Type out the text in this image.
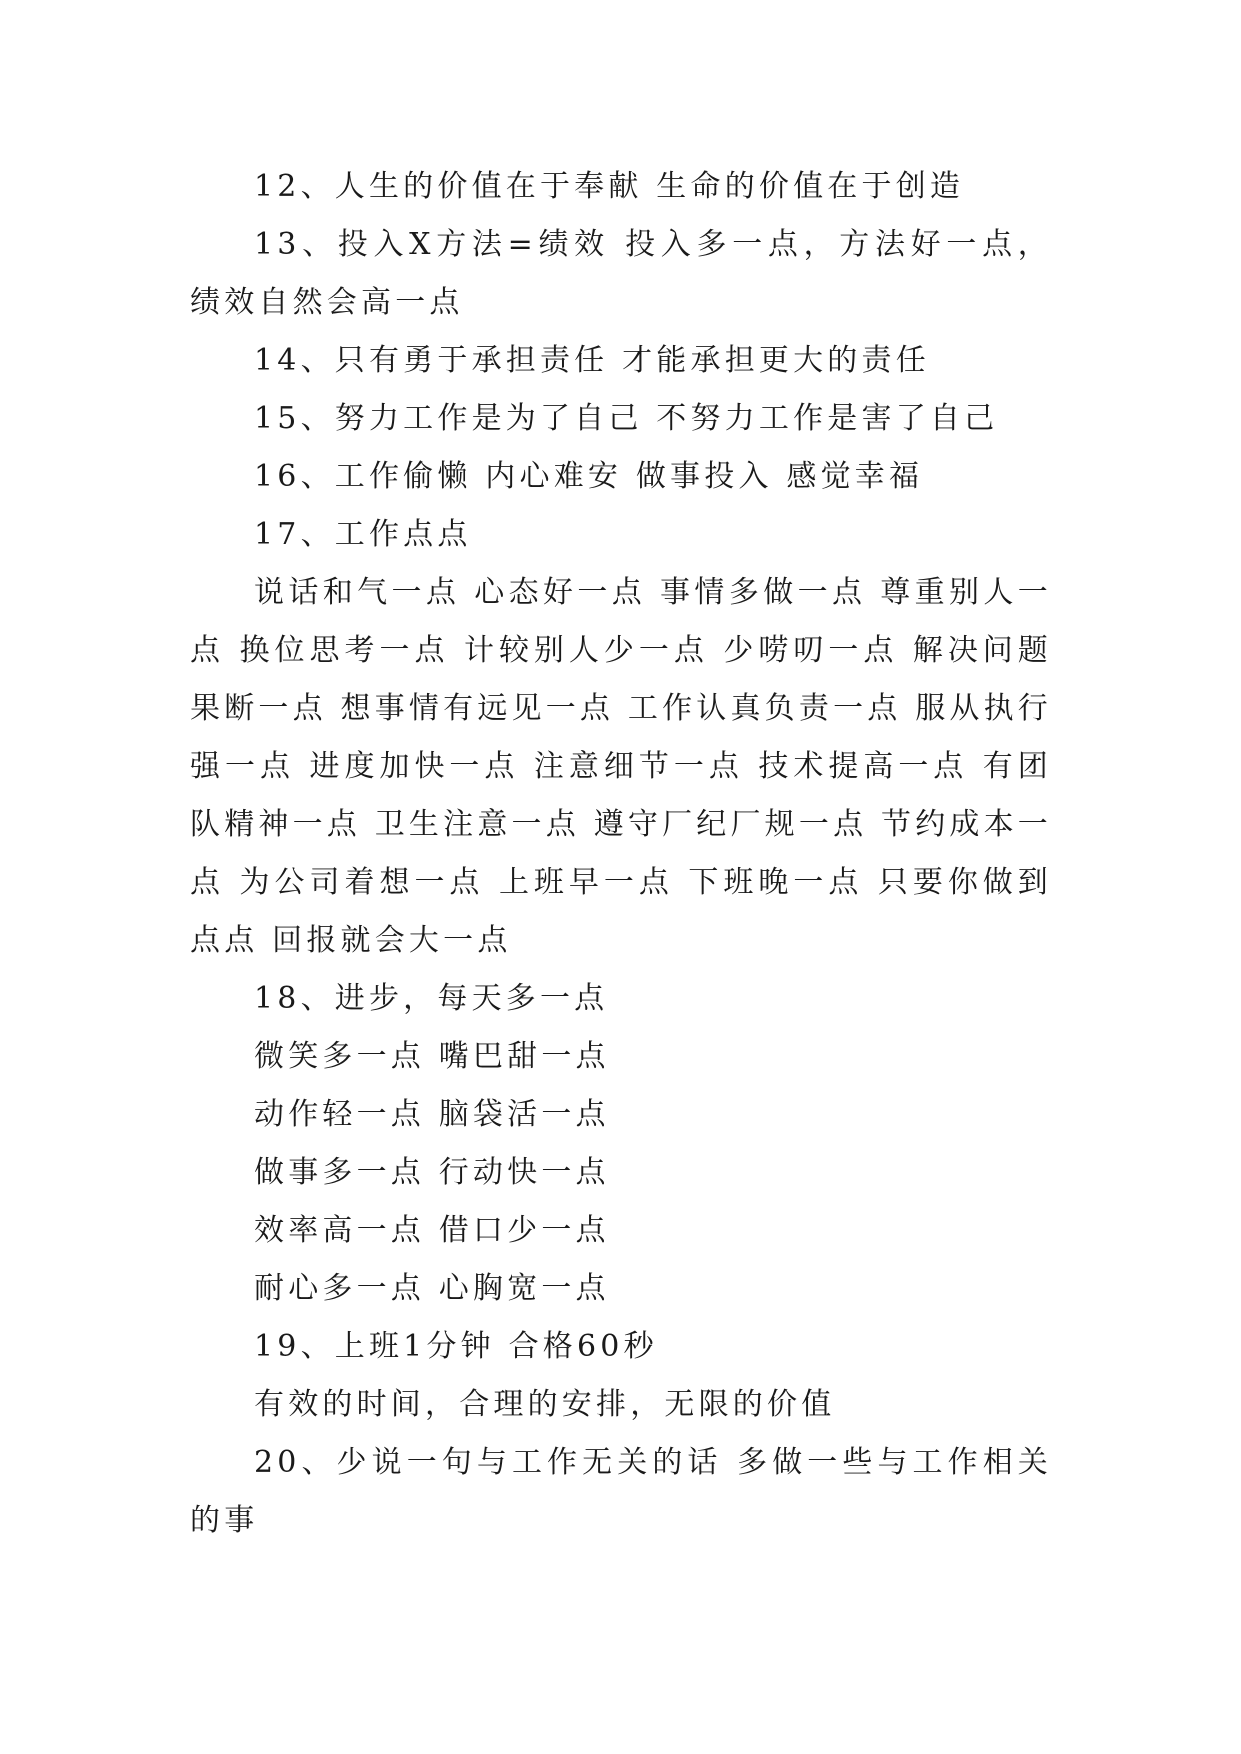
12、人生的价值在于奉献 生命的价值在于创造

13、投入X方法=绩效 投入多一点，方法好一点，绩效自然会高一点

14、只有勇于承担责任 才能承担更大的责任

15、努力工作是为了自己 不努力工作是害了自己

16、工作偷懒 内心难安 做事投入 感觉幸福

17、工作点点

说话和气一点 心态好一点 事情多做一点 尊重别人一点 换位思考一点 计较别人少一点 少唠叨一点 解决问题果断一点 想事情有远见一点 工作认真负责一点 服从执行强一点 进度加快一点 注意细节一点 技术提高一点 有团队精神一点 卫生注意一点 遵守厂纪厂规一点 节约成本一点 为公司着想一点 上班早一点 下班晚一点 只要你做到点点 回报就会大一点

18、进步，每天多一点

微笑多一点 嘴巴甜一点

动作轻一点 脑袋活一点

做事多一点 行动快一点

效率高一点 借口少一点

耐心多一点 心胸宽一点

19、上班1分钟 合格60秒

有效的时间，合理的安排，无限的价值

20、少说一句与工作无关的话 多做一些与工作相关的事
